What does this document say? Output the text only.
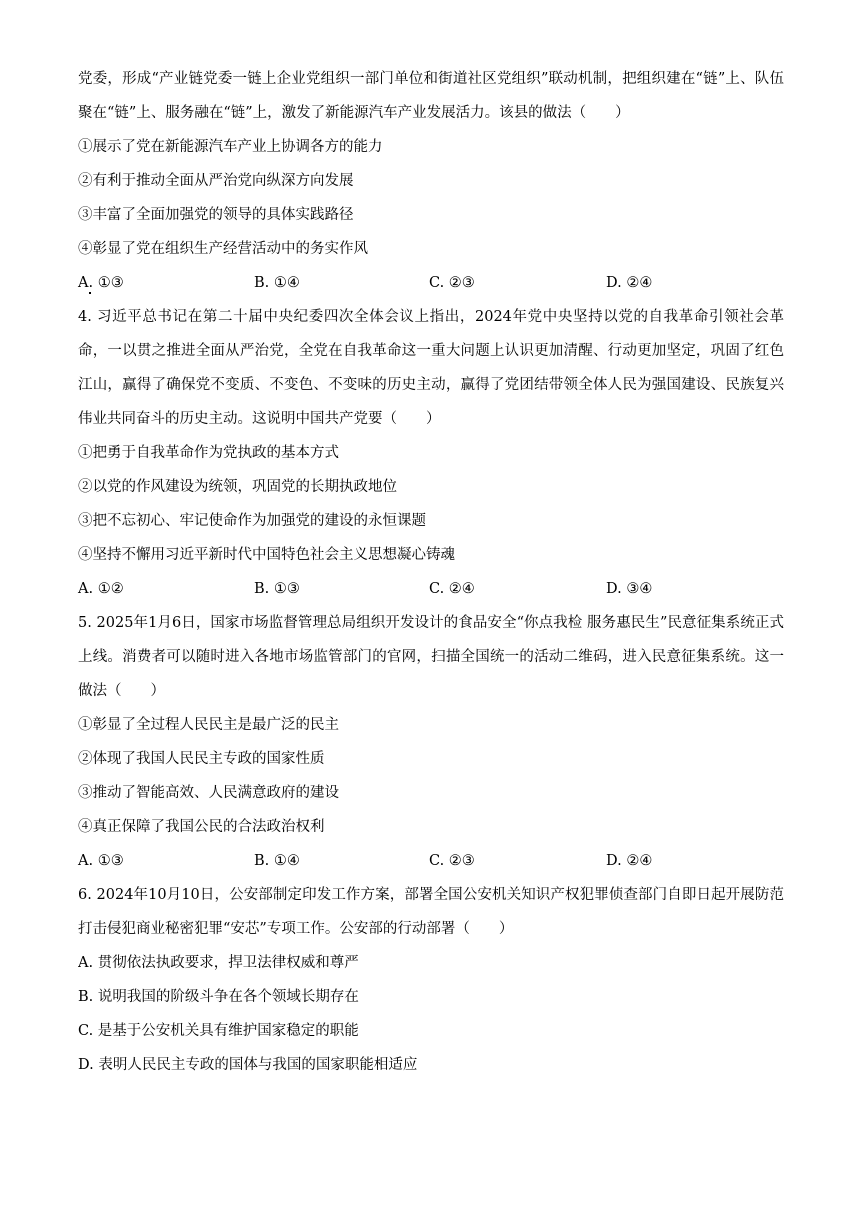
党委，形成“产业链党委一链上企业党组织一部门单位和街道社区党组织”联动机制，把组织建在“链”上、队伍聚在“链”上、服务融在“链”上，激发了新能源汽车产业发展活力。该县的做法（　　）
①展示了党在新能源汽车产业上协调各方的能力
②有利于推动全面从严治党向纵深方向发展
③丰富了全面加强党的领导的具体实践路径
④彰显了党在组织生产经营活动中的务实作风
A. ①③	B. ①④	C. ②③	D. ②④
4. 习近平总书记在第二十届中央纪委四次全体会议上指出，2024年党中央坚持以党的自我革命引领社会革命，一以贯之推进全面从严治党，全党在自我革命这一重大问题上认识更加清醒、行动更加坚定，巩固了红色江山，赢得了确保党不变质、不变色、不变味的历史主动，赢得了党团结带领全体人民为强国建设、民族复兴伟业共同奋斗的历史主动。这说明中国共产党要（　　）
①把勇于自我革命作为党执政的基本方式
②以党的作风建设为统领，巩固党的长期执政地位
③把不忘初心、牢记使命作为加强党的建设的永恒课题
④坚持不懈用习近平新时代中国特色社会主义思想凝心铸魂
A. ①②	B. ①③	C. ②④	D. ③④
5. 2025年1月6日，国家市场监督管理总局组织开发设计的食品安全“你点我检 服务惠民生”民意征集系统正式上线。消费者可以随时进入各地市场监管部门的官网，扫描全国统一的活动二维码，进入民意征集系统。这一做法（　　）
①彰显了全过程人民民主是最广泛的民主
②体现了我国人民民主专政的国家性质
③推动了智能高效、人民满意政府的建设
④真正保障了我国公民的合法政治权利
A. ①③	B. ①④	C. ②③	D. ②④
6. 2024年10月10日，公安部制定印发工作方案，部署全国公安机关知识产权犯罪侦查部门自即日起开展防范打击侵犯商业秘密犯罪“安芯”专项工作。公安部的行动部署（　　）
A. 贯彻依法执政要求，捍卫法律权威和尊严
B. 说明我国的阶级斗争在各个领域长期存在
C. 是基于公安机关具有维护国家稳定的职能
D. 表明人民民主专政的国体与我国的国家职能相适应
